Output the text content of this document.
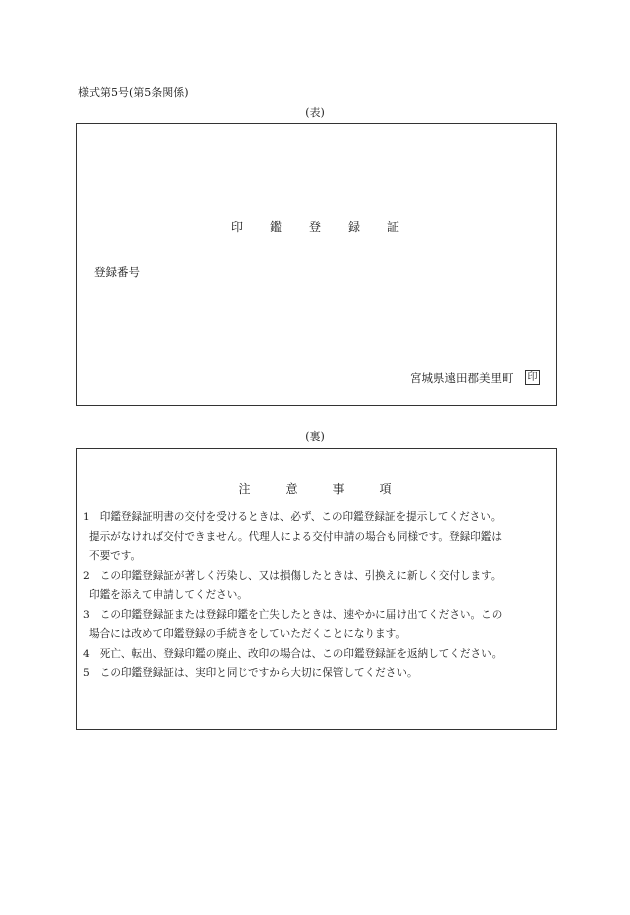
様式第5号(第5条関係)
(表)
印	鑑	登	録	証
登録番号
宮城県遠田郡美里町 印
(裏)
注	意	事	項
1 印鑑登録証明書の交付を受けるときは、必ず、この印鑑登録証を提示してください。
提示がなければ交付できません。代理人による交付申請の場合も同様です。登録印鑑は
不要です。
2 この印鑑登録証が著しく汚染し、又は損傷したときは、引換えに新しく交付します。
印鑑を添えて申請してください。
3 この印鑑登録証または登録印鑑を亡失したときは、速やかに届け出てください。この
場合には改めて印鑑登録の手続きをしていただくことになります。
4 死亡、転出、登録印鑑の廃止、改印の場合は、この印鑑登録証を返納してください。
5 この印鑑登録証は、実印と同じですから大切に保管してください。
